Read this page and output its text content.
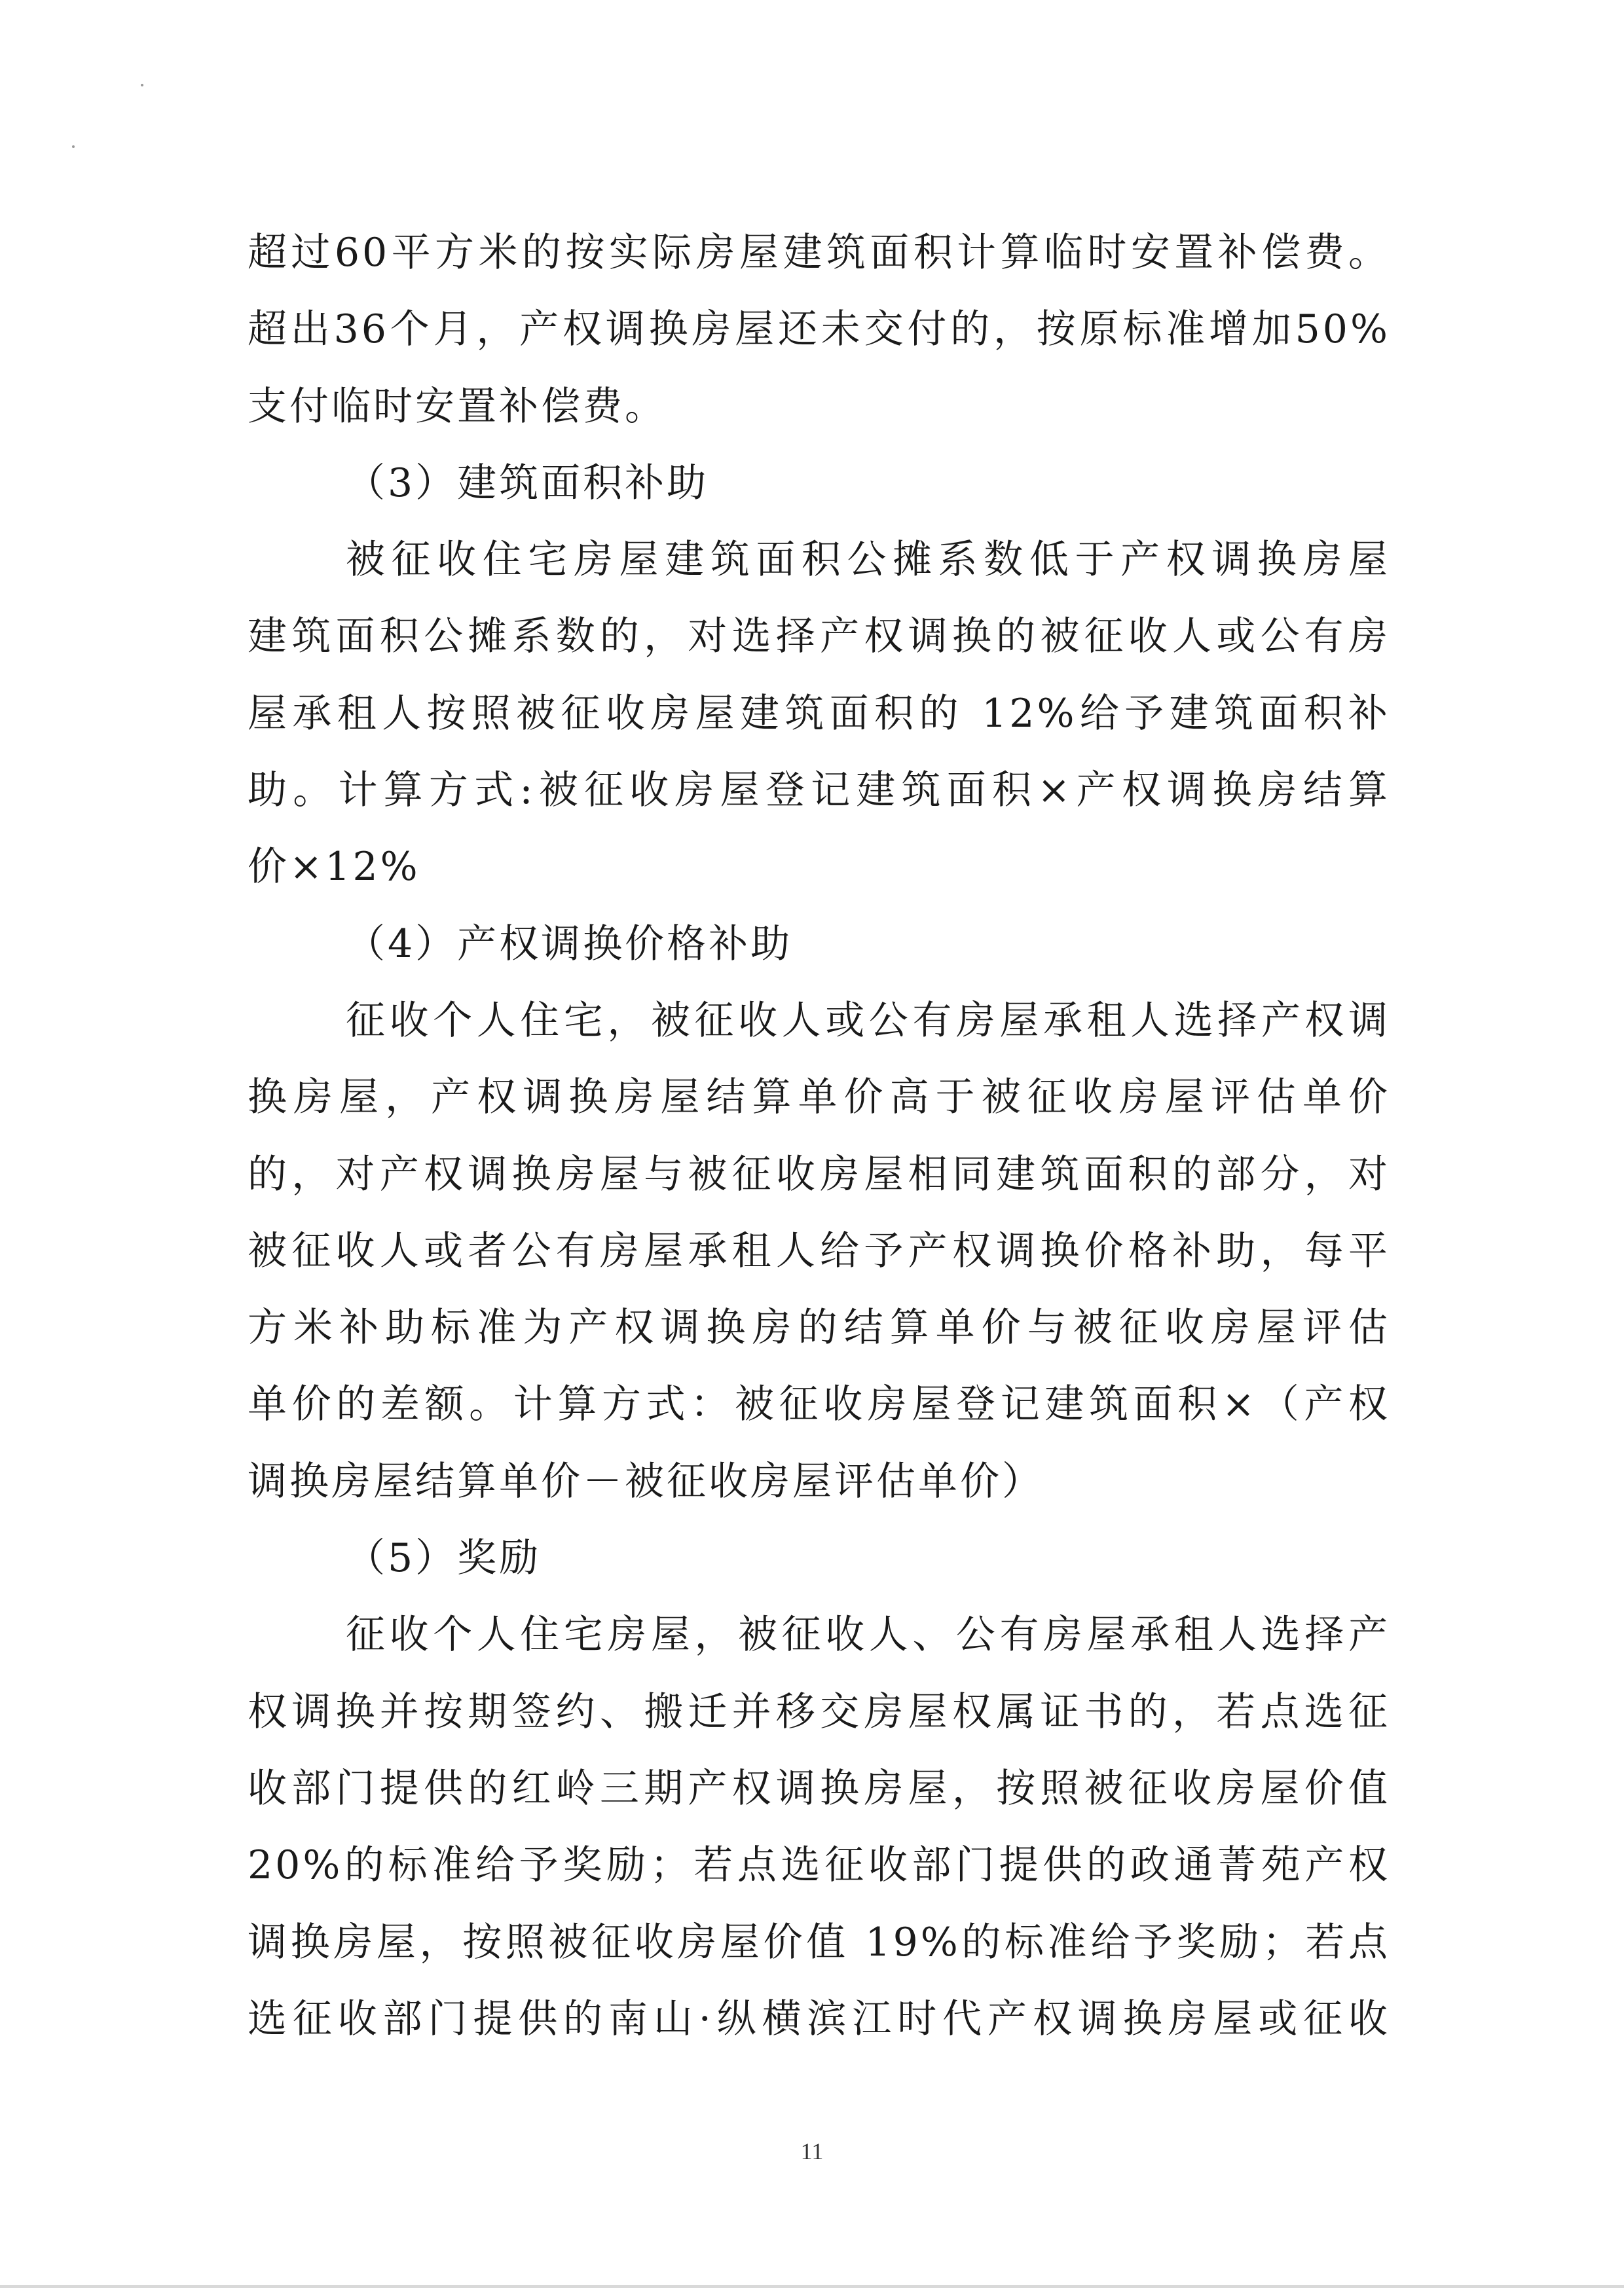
超过60平方米的按实际房屋建筑面积计算临时安置补偿费。
超出36个月，产权调换房屋还未交付的，按原标准增加50%
支付临时安置补偿费。
（3）建筑面积补助
被征收住宅房屋建筑面积公摊系数低于产权调换房屋
建筑面积公摊系数的，对选择产权调换的被征收人或公有房
屋承租人按照被征收房屋建筑面积的 12%给予建筑面积补
助。计算方式:被征收房屋登记建筑面积×产权调换房结算
价×12%
（4）产权调换价格补助
征收个人住宅，被征收人或公有房屋承租人选择产权调
换房屋，产权调换房屋结算单价高于被征收房屋评估单价
的，对产权调换房屋与被征收房屋相同建筑面积的部分，对
被征收人或者公有房屋承租人给予产权调换价格补助，每平
方米补助标准为产权调换房的结算单价与被征收房屋评估
单价的差额。计算方式：被征收房屋登记建筑面积×（产权
调换房屋结算单价－被征收房屋评估单价）
（5）奖励
征收个人住宅房屋，被征收人、公有房屋承租人选择产
权调换并按期签约、搬迁并移交房屋权属证书的，若点选征
收部门提供的红岭三期产权调换房屋，按照被征收房屋价值
20%的标准给予奖励；若点选征收部门提供的政通菁苑产权
调换房屋，按照被征收房屋价值 19%的标准给予奖励；若点
选征收部门提供的南山·纵横滨江时代产权调换房屋或征收
11
